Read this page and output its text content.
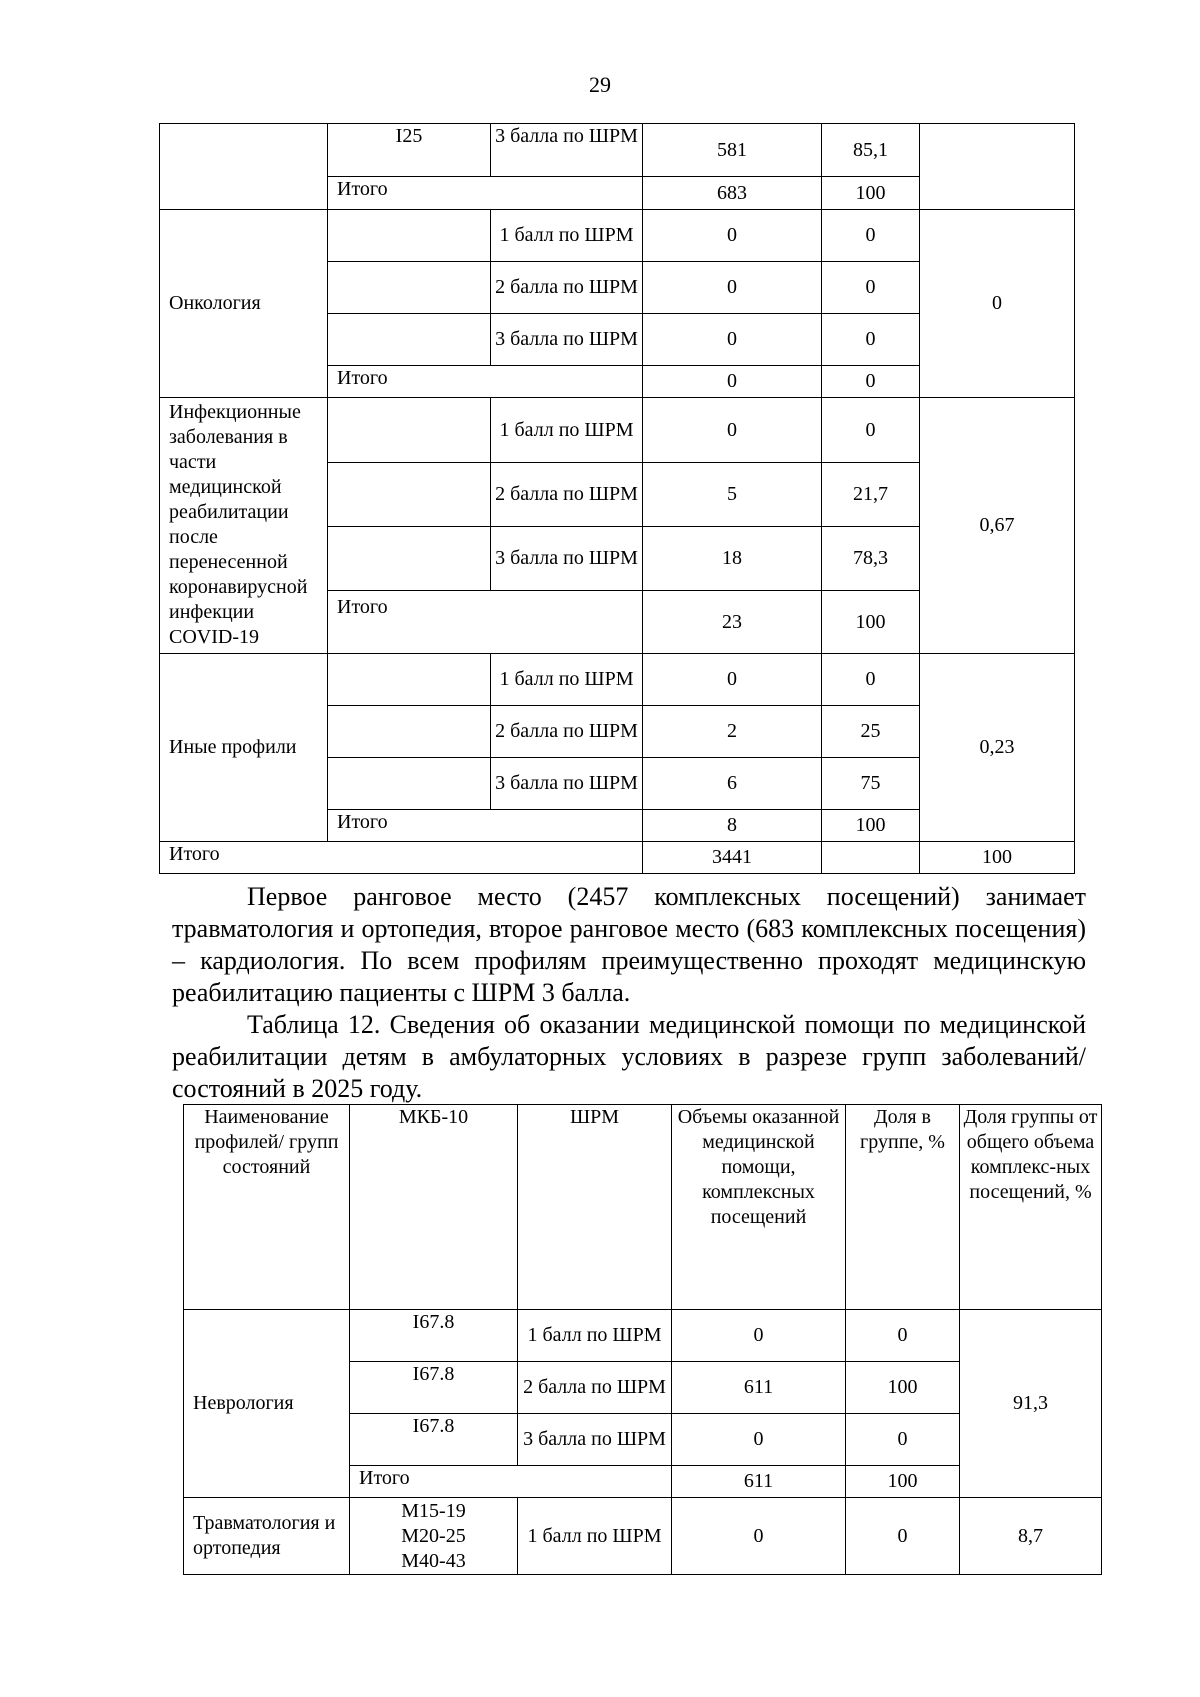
29
	I25	3 балла по ШРМ	581	85,1	
	Итого		683	100	
Онкология		1 балл по ШРМ	0	0	0
		2 балла по ШРМ	0	0	
		3 балла по ШРМ	0	0	
	Итого		0	0	
Инфекционные заболевания в части медицинской реабилитации после перенесенной коронавирусной инфекции COVID-19		1 балл по ШРМ	0	0	0,67
		2 балла по ШРМ	5	21,7	
		3 балла по ШРМ	18	78,3	
	Итого		23	100	
Иные профили		1 балл по ШРМ	0	0	0,23
		2 балла по ШРМ	2	25	
		3 балла по ШРМ	6	75	
	Итого		8	100	
Итого			3441		100

Первое ранговое место (2457 комплексных посещений) занимает травматология и ортопедия, второе ранговое место (683 комплексных посещения) – кардиология. По всем профилям преимущественно проходят медицинскую реабилитацию пациенты с ШРМ 3 балла.

Таблица 12. Сведения об оказании медицинской помощи по медицинской реабилитации детям в амбулаторных условиях в разрезе групп заболеваний/состояний в 2025 году.

Наименование профилей/ групп состояний	МКБ-10	ШРМ	Объемы оказанной медицинской помощи, комплексных посещений	Доля в группе, %	Доля группы от общего объема комплекс-ных посещений, %
Неврология	I67.8	1 балл по ШРМ	0	0	91,3
	I67.8	2 балла по ШРМ	611	100	
	I67.8	3 балла по ШРМ	0	0	
	Итого		611	100	
Травматология и ортопедия	M15-19 M20-25 M40-43	1 балл по ШРМ	0	0	8,7
